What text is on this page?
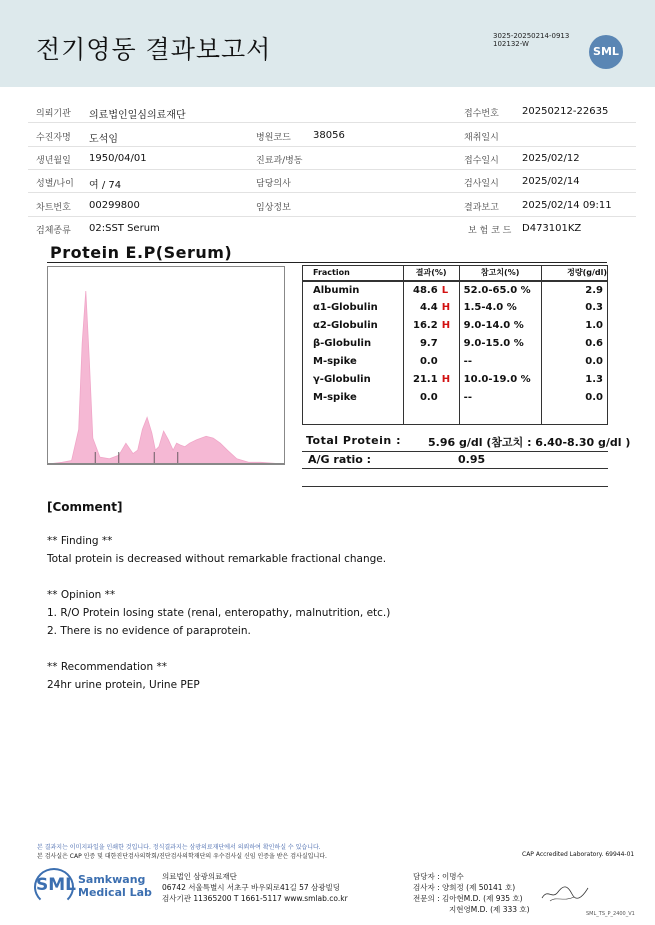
전기영동 결과보고서	3025-20250214-0913
102132-W
SML
의뢰기관 의료법인일심의료재단	접수번호 20250212-22635
수진자명 도석임	병원코드 38056	채취일시
생년월일 1950/04/01	진료과/병동	접수일시 2025/02/12
성별/나이 여 / 74	담당의사	검사일시 2025/02/14
차트번호 00299800	임상정보	결과보고 2025/02/14 09:11
검체종류 02:SST Serum	보 험 코 드 D473101KZ
Protein E.P(Serum)
Fraction	결과(%)	참고치(%)	정량(g/dl)
Albumin	48.6 L	52.0-65.0 %	2.9
α1-Globulin	4.4 H	1.5-4.0 %	0.3
α2-Globulin	16.2 H	9.0-14.0 %	1.0
β-Globulin	9.7	9.0-15.0 %	0.6
M-spike	0.0	--	0.0
γ-Globulin	21.1 H	10.0-19.0 %	1.3
M-spike	0.0	--	0.0

Total Protein : 5.96 g/dl (참고치 : 6.40-8.30 g/dl )
A/G ratio :	0.95
[Comment]
** Finding **
Total protein is decreased without remarkable fractional change.
** Opinion **
1. R/O Protein losing state (renal, enteropathy, malnutrition, etc.)
2. There is no evidence of paraprotein.
** Recommendation **
24hr urine protein, Urine PEP
본 결과지는 이미지파일을 인쇄한 것입니다. 정식결과지는 삼광의료재단에서 의뢰하여 확인하실 수 있습니다.
본 검사실은 CAP 인증 및 대한진단검사의학회/진단검사의학재단의 우수검사실 신임 인증을 받은 검사실입니다.	CAP Accredited Laboratory. 69944-01
SML Samkwang
Medical Lab
의료법인 삼광의료재단
06742 서울특별시 서초구 바우뫼로41길 57 삼광빌딩
검사기관 11365200 T 1661-5117 www.smlab.co.kr
담당자 : 이명수
검사자 : 양희정 (제 50141 호)
전문의 : 김아현M.D. (제 935 호)
지현영M.D. (제 333 호)	SML_TS_P_2400_V1
